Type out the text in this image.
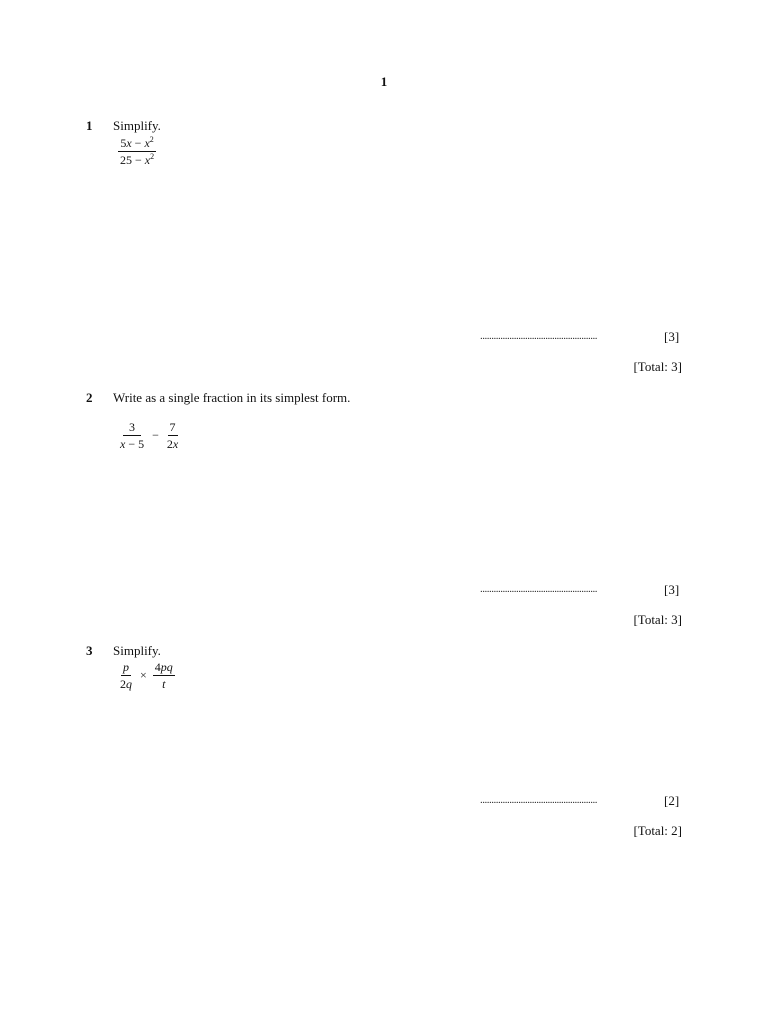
1
1 Simplify.
$\frac{5x - x^2}{25 - x^2}$
....................................................	[3]
[Total: 3]
2 Write as a single fraction in its simplest form.
$\frac{3}{x - 5} - \frac{7}{2x}$
....................................................	[3]
[Total: 3]
3 Simplify.
$\frac{p}{2q} \times \frac{4pq}{t}$
....................................................	[2]
[Total: 2]
